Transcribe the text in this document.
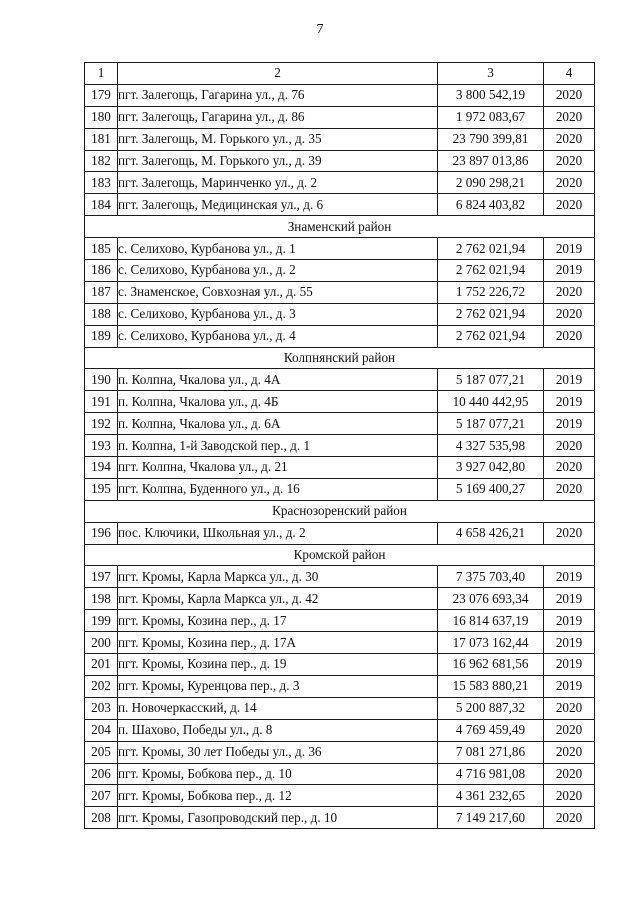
7
1	2	3	4
179	пгт. Залегощь, Гагарина ул., д. 76	3 800 542,19	2020
180	пгт. Залегощь, Гагарина ул., д. 86	1 972 083,67	2020
181	пгт. Залегощь, М. Горького ул., д. 35	23 790 399,81	2020
182	пгт. Залегощь, М. Горького ул., д. 39	23 897 013,86	2020
183	пгт. Залегощь, Маринченко ул., д. 2	2 090 298,21	2020
184	пгт. Залегощь, Медицинская ул., д. 6	6 824 403,82	2020
Знаменский район			
185	с. Селихово, Курбанова ул., д. 1	2 762 021,94	2019
186	с. Селихово, Курбанова ул., д. 2	2 762 021,94	2019
187	с. Знаменское, Совхозная ул., д. 55	1 752 226,72	2020
188	с. Селихово, Курбанова ул., д. 3	2 762 021,94	2020
189	с. Селихово, Курбанова ул., д. 4	2 762 021,94	2020
Колпнянский район			
190	п. Колпна, Чкалова ул., д. 4А	5 187 077,21	2019
191	п. Колпна, Чкалова ул., д. 4Б	10 440 442,95	2019
192	п. Колпна, Чкалова ул., д. 6А	5 187 077,21	2019
193	п. Колпна, 1-й Заводской пер., д. 1	4 327 535,98	2020
194	пгт. Колпна, Чкалова ул., д. 21	3 927 042,80	2020
195	пгт. Колпна, Буденного ул., д. 16	5 169 400,27	2020
Краснозоренский район			
196	пос. Ключики, Школьная ул., д. 2	4 658 426,21	2020
Кромской район			
197	пгт. Кромы, Карла Маркса ул., д. 30	7 375 703,40	2019
198	пгт. Кромы, Карла Маркса ул., д. 42	23 076 693,34	2019
199	пгт. Кромы, Козина пер., д. 17	16 814 637,19	2019
200	пгт. Кромы, Козина пер., д. 17А	17 073 162,44	2019
201	пгт. Кромы, Козина пер., д. 19	16 962 681,56	2019
202	пгт. Кромы, Куренцова пер., д. 3	15 583 880,21	2019
203	п. Новочеркасский, д. 14	5 200 887,32	2020
204	п. Шахово, Победы ул., д. 8	4 769 459,49	2020
205	пгт. Кромы, 30 лет Победы ул., д. 36	7 081 271,86	2020
206	пгт. Кромы, Бобкова пер., д. 10	4 716 981,08	2020
207	пгт. Кромы, Бобкова пер., д. 12	4 361 232,65	2020
208	пгт. Кромы, Газопроводский пер., д. 10	7 149 217,60	2020
